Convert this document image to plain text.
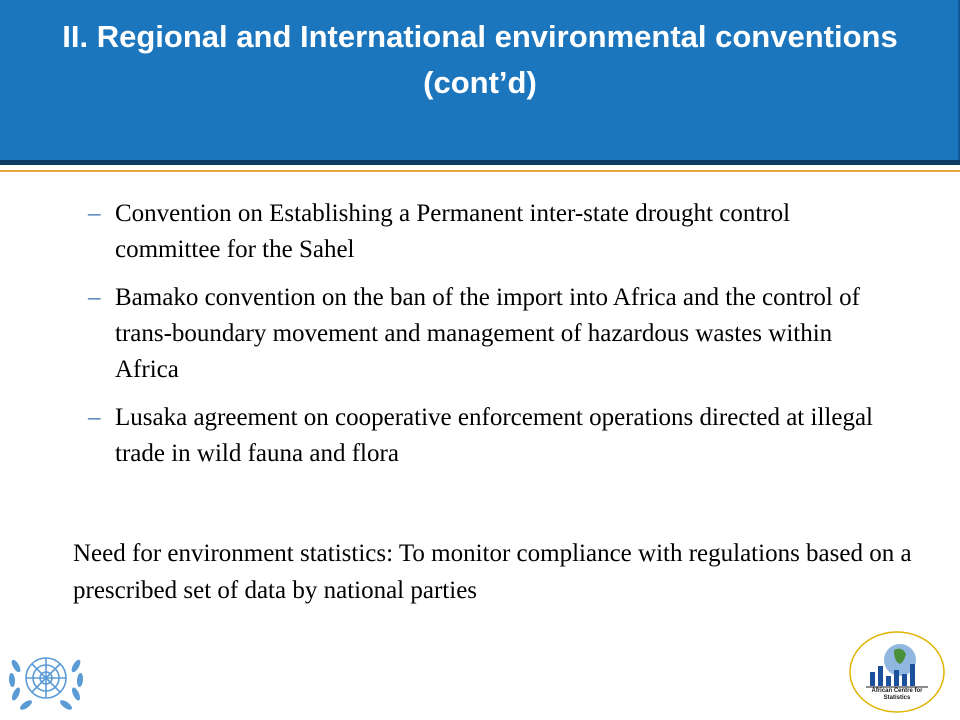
II. Regional and International environmental conventions (cont’d)
– Convention on Establishing a Permanent inter-state drought control committee for the Sahel
– Bamako convention on the ban of the import into Africa and the control of trans-boundary movement and management of hazardous wastes within Africa
– Lusaka agreement on cooperative enforcement operations directed at illegal trade in wild fauna and flora
Need for environment statistics: To monitor compliance with regulations based on a prescribed set of data by national parties
African Centre for Statistics
